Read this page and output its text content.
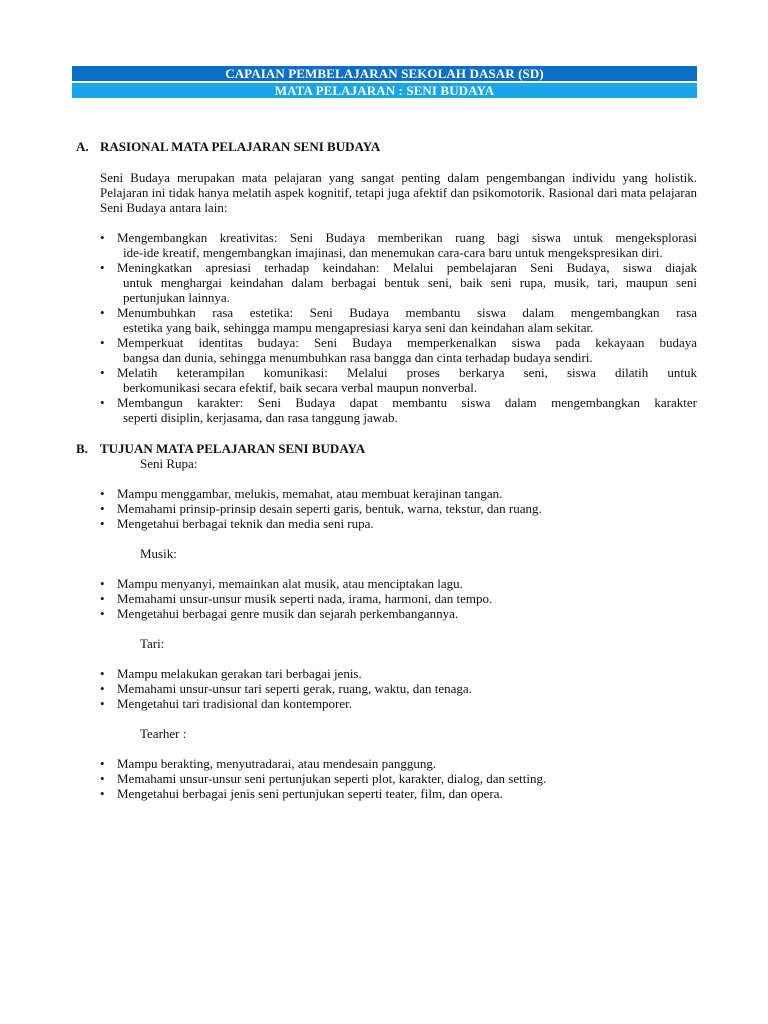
CAPAIAN PEMBELAJARAN SEKOLAH DASAR (SD)
MATA PELAJARAN : SENI BUDAYA
A. RASIONAL MATA PELAJARAN SENI BUDAYA

Seni Budaya merupakan mata pelajaran yang sangat penting dalam pengembangan individu yang holistik. Pelajaran ini tidak hanya melatih aspek kognitif, tetapi juga afektif dan psikomotorik. Rasional dari mata pelajaran Seni Budaya antara lain:

• Mengembangkan kreativitas: Seni Budaya memberikan ruang bagi siswa untuk mengeksplorasi
ide-ide kreatif, mengembangkan imajinasi, dan menemukan cara-cara baru untuk mengekspresikan diri.
• Meningkatkan apresiasi terhadap keindahan: Melalui pembelajaran Seni Budaya, siswa diajak
untuk menghargai keindahan dalam berbagai bentuk seni, baik seni rupa, musik, tari, maupun seni pertunjukan lainnya.
• Menumbuhkan rasa estetika: Seni Budaya membantu siswa dalam mengembangkan rasa
estetika yang baik, sehingga mampu mengapresiasi karya seni dan keindahan alam sekitar.
• Memperkuat identitas budaya: Seni Budaya memperkenalkan siswa pada kekayaan budaya
bangsa dan dunia, sehingga menumbuhkan rasa bangga dan cinta terhadap budaya sendiri.
• Melatih keterampilan komunikasi: Melalui proses berkarya seni, siswa dilatih untuk
berkomunikasi secara efektif, baik secara verbal maupun nonverbal.
• Membangun karakter: Seni Budaya dapat membantu siswa dalam mengembangkan karakter
seperti disiplin, kerjasama, dan rasa tanggung jawab.
B. TUJUAN MATA PELAJARAN SENI BUDAYA
Seni Rupa:
• Mampu menggambar, melukis, memahat, atau membuat kerajinan tangan.
• Memahami prinsip-prinsip desain seperti garis, bentuk, warna, tekstur, dan ruang.
• Mengetahui berbagai teknik dan media seni rupa.
Musik:
• Mampu menyanyi, memainkan alat musik, atau menciptakan lagu.
• Memahami unsur-unsur musik seperti nada, irama, harmoni, dan tempo.
• Mengetahui berbagai genre musik dan sejarah perkembangannya.
Tari:
• Mampu melakukan gerakan tari berbagai jenis.
• Memahami unsur-unsur tari seperti gerak, ruang, waktu, dan tenaga.
• Mengetahui tari tradisional dan kontemporer.
Tearher :
• Mampu berakting, menyutradarai, atau mendesain panggung.
• Memahami unsur-unsur seni pertunjukan seperti plot, karakter, dialog, dan setting.
• Mengetahui berbagai jenis seni pertunjukan seperti teater, film, dan opera.
